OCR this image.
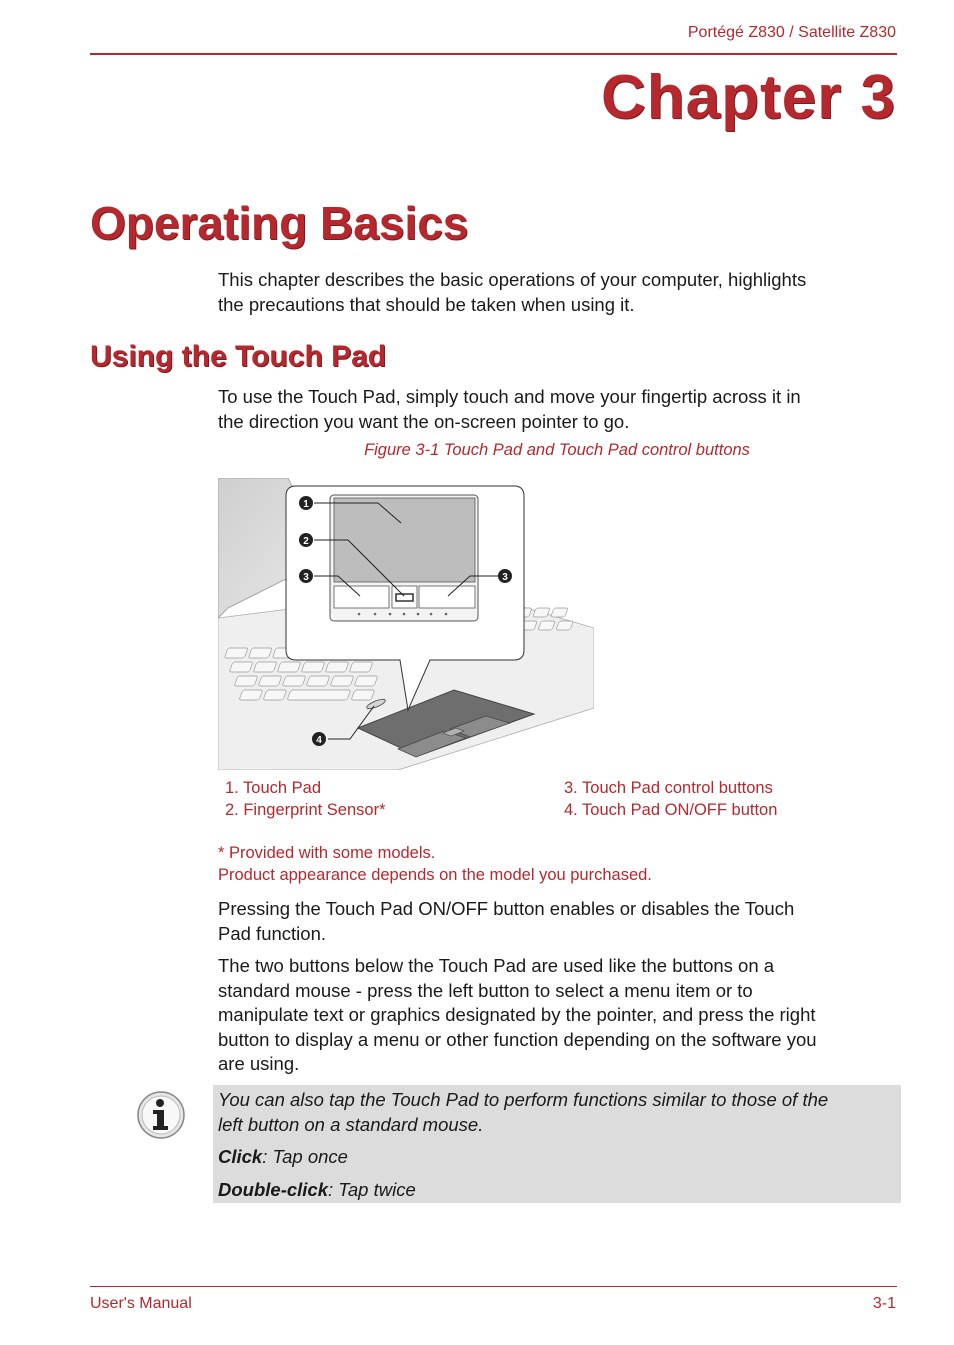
Portégé Z830 / Satellite Z830
Chapter 3
Operating Basics
This chapter describes the basic operations of your computer, highlights
the precautions that should be taken when using it.
Using the Touch Pad
To use the Touch Pad, simply touch and move your fingertip across it in
the direction you want the on-screen pointer to go.
Figure 3-1 Touch Pad and Touch Pad control buttons
1
2
3	3
4
1. Touch Pad
2. Fingerprint Sensor*
3. Touch Pad control buttons
4. Touch Pad ON/OFF button
* Provided with some models.
Product appearance depends on the model you purchased.
Pressing the Touch Pad ON/OFF button enables or disables the Touch
Pad function.
The two buttons below the Touch Pad are used like the buttons on a
standard mouse - press the left button to select a menu item or to
manipulate text or graphics designated by the pointer, and press the right
button to display a menu or other function depending on the software you
are using.
You can also tap the Touch Pad to perform functions similar to those of the
left button on a standard mouse.
Click: Tap once
Double-click: Tap twice
User's Manual	3-1
